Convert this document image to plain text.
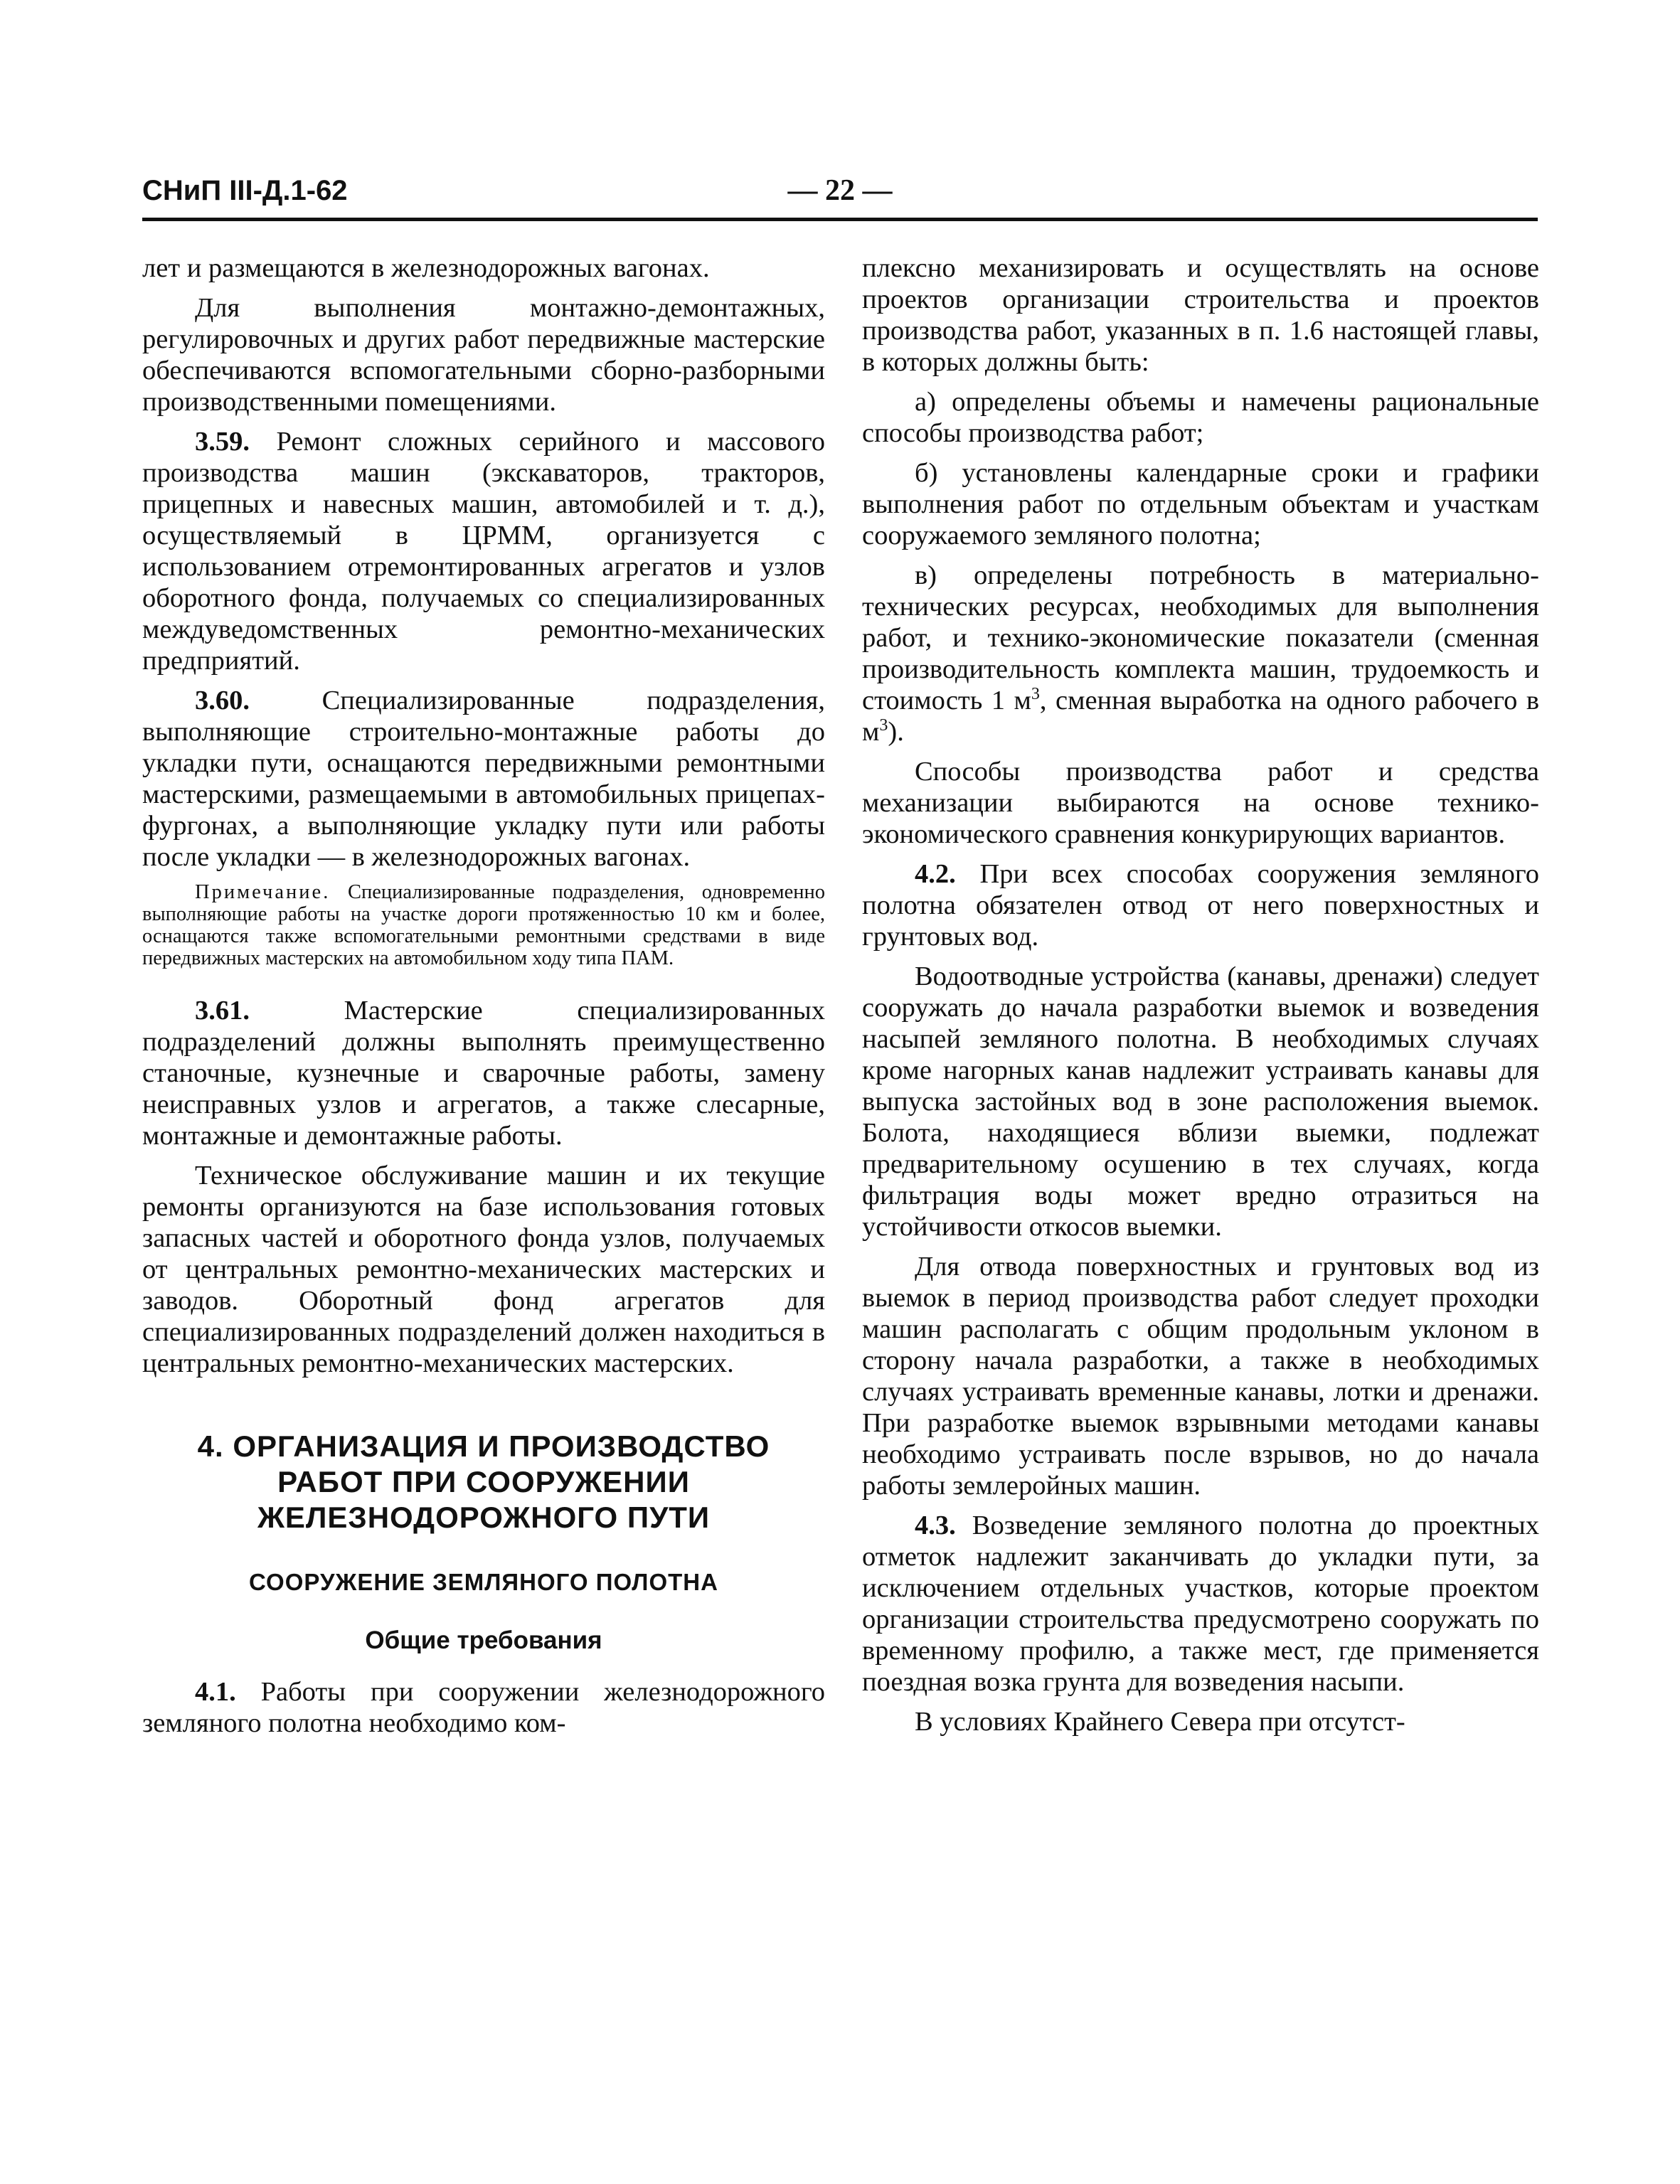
СНиП III-Д.1-62	— 22 —

лет и размещаются в железнодорожных вагонах.

Для выполнения монтажно-демонтажных, регулировочных и других работ передвижные мастерские обеспечиваются вспомогательными сборно-разборными производственными помещениями.

3.59. Ремонт сложных серийного и массового производства машин (экскаваторов, тракторов, прицепных и навесных машин, автомобилей и т. д.), осуществляемый в ЦРММ, организуется с использованием отремонтированных агрегатов и узлов оборотного фонда, получаемых со специализированных междуведомственных ремонтно-механических предприятий.

3.60.	Специализированные подразделения, выполняющие строительно-монтажные работы до укладки пути, оснащаются передвижными ремонтными мастерскими, размещаемыми в автомобильных прицепах-фургонах, а выполняющие укладку пути или работы после укладки — в железнодорожных вагонах.

Примечание. Специализированные подразделения, одновременно выполняющие работы на участке дороги протяженностью 10 км и более, оснащаются также вспомогательными ремонтными средствами в виде передвижных мастерских на автомобильном ходу типа ПАМ.

3.61.	Мастерские специализированных подразделений должны выполнять преимущественно станочные, кузнечные и сварочные работы, замену неисправных узлов и агрегатов, а также слесарные, монтажные и демонтажные работы.

Техническое обслуживание машин и их текущие ремонты организуются на базе использования готовых запасных частей и оборотного фонда узлов, получаемых от центральных ремонтно-механических мастерских и заводов. Оборотный фонд агрегатов для специализированных подразделений должен находиться в центральных ремонтно-механических мастерских.

4. ОРГАНИЗАЦИЯ И ПРОИЗВОДСТВО РАБОТ ПРИ СООРУЖЕНИИ ЖЕЛЕЗНОДОРОЖНОГО ПУТИ
СООРУЖЕНИЕ ЗЕМЛЯНОГО ПОЛОТНА
Общие требования

4.1. Работы при сооружении железнодорожного земляного полотна необходимо ком-

плексно механизировать и осуществлять на основе проектов организации строительства и проектов производства работ, указанных в п. 1.6 настоящей главы, в которых должны быть:

а) определены объемы и намечены рациональные способы производства работ;

б) установлены календарные сроки и графики выполнения работ по отдельным объектам и участкам сооружаемого земляного полотна;

в) определены потребность в материально-технических ресурсах, необходимых для выполнения работ, и технико-экономические показатели (сменная производительность комплекта машин, трудоемкость и стоимость 1 $м^3$, сменная выработка на одного рабочего в $м^3$).

Способы производства работ и средства механизации выбираются на основе технико-экономического сравнения конкурирующих вариантов.

4.2. При всех способах сооружения земляного полотна обязателен отвод от него поверхностных и грунтовых вод.

Водоотводные устройства (канавы, дренажи) следует сооружать до начала разработки выемок и возведения насыпей земляного полотна. В необходимых случаях кроме нагорных канав надлежит устраивать канавы для выпуска застойных вод в зоне расположения выемок. Болота, находящиеся вблизи выемки, подлежат предварительному осушению в тех случаях, когда фильтрация воды может вредно отразиться на устойчивости откосов выемки.

Для отвода поверхностных и грунтовых вод из выемок в период производства работ следует проходки машин располагать с общим продольным уклоном в сторону начала разработки, а также в необходимых случаях устраивать временные канавы, лотки и дренажи. При разработке выемок взрывными методами канавы необходимо устраивать после взрывов, но до начала работы землеройных машин.

4.3. Возведение земляного полотна до проектных отметок надлежит заканчивать до укладки пути, за исключением отдельных участков, которые проектом организации строительства предусмотрено сооружать по временному профилю, а также мест, где применяется поездная возка грунта для возведения насыпи.

В условиях Крайнего Севера при отсутст-
